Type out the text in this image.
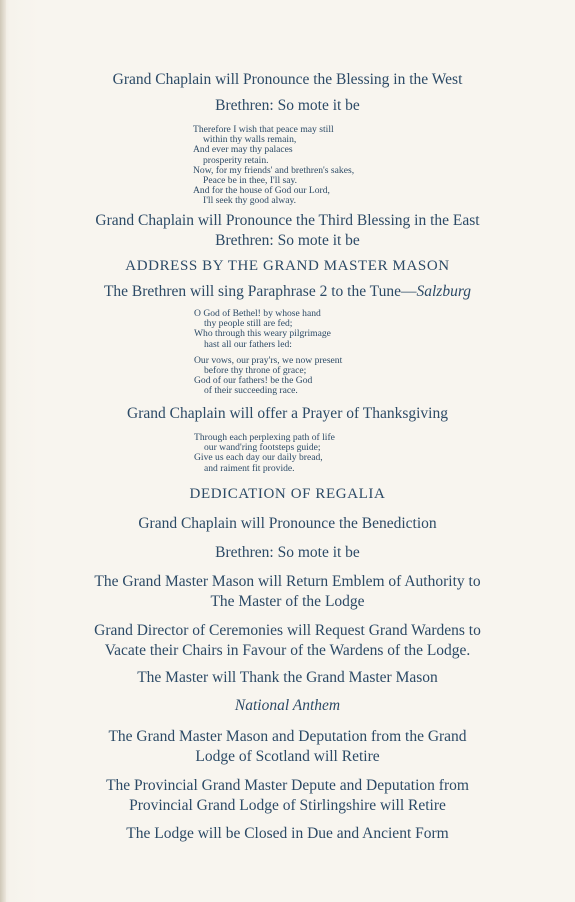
Grand Chaplain will Pronounce the Blessing in the West
Brethren: So mote it be
Therefore I wish that peace may still
within thy walls remain,
And ever may thy palaces
prosperity retain.
Now, for my friends' and brethren's sakes,
Peace be in thee, I'll say.
And for the house of God our Lord,
I'll seek thy good alway.
Grand Chaplain will Pronounce the Third Blessing in the East
Brethren: So mote it be
ADDRESS BY THE GRAND MASTER MASON
The Brethren will sing Paraphrase 2 to the Tune—Salzburg
O God of Bethel! by whose hand
thy people still are fed;
Who through this weary pilgrimage
hast all our fathers led:
Our vows, our pray'rs, we now present
before thy throne of grace;
God of our fathers! be the God
of their succeeding race.
Grand Chaplain will offer a Prayer of Thanksgiving
Through each perplexing path of life
our wand'ring footsteps guide;
Give us each day our daily bread,
and raiment fit provide.
DEDICATION OF REGALIA
Grand Chaplain will Pronounce the Benediction
Brethren: So mote it be
The Grand Master Mason will Return Emblem of Authority to
The Master of the Lodge
Grand Director of Ceremonies will Request Grand Wardens to
Vacate their Chairs in Favour of the Wardens of the Lodge.
The Master will Thank the Grand Master Mason
National Anthem
The Grand Master Mason and Deputation from the Grand
Lodge of Scotland will Retire
The Provincial Grand Master Depute and Deputation from
Provincial Grand Lodge of Stirlingshire will Retire
The Lodge will be Closed in Due and Ancient Form
